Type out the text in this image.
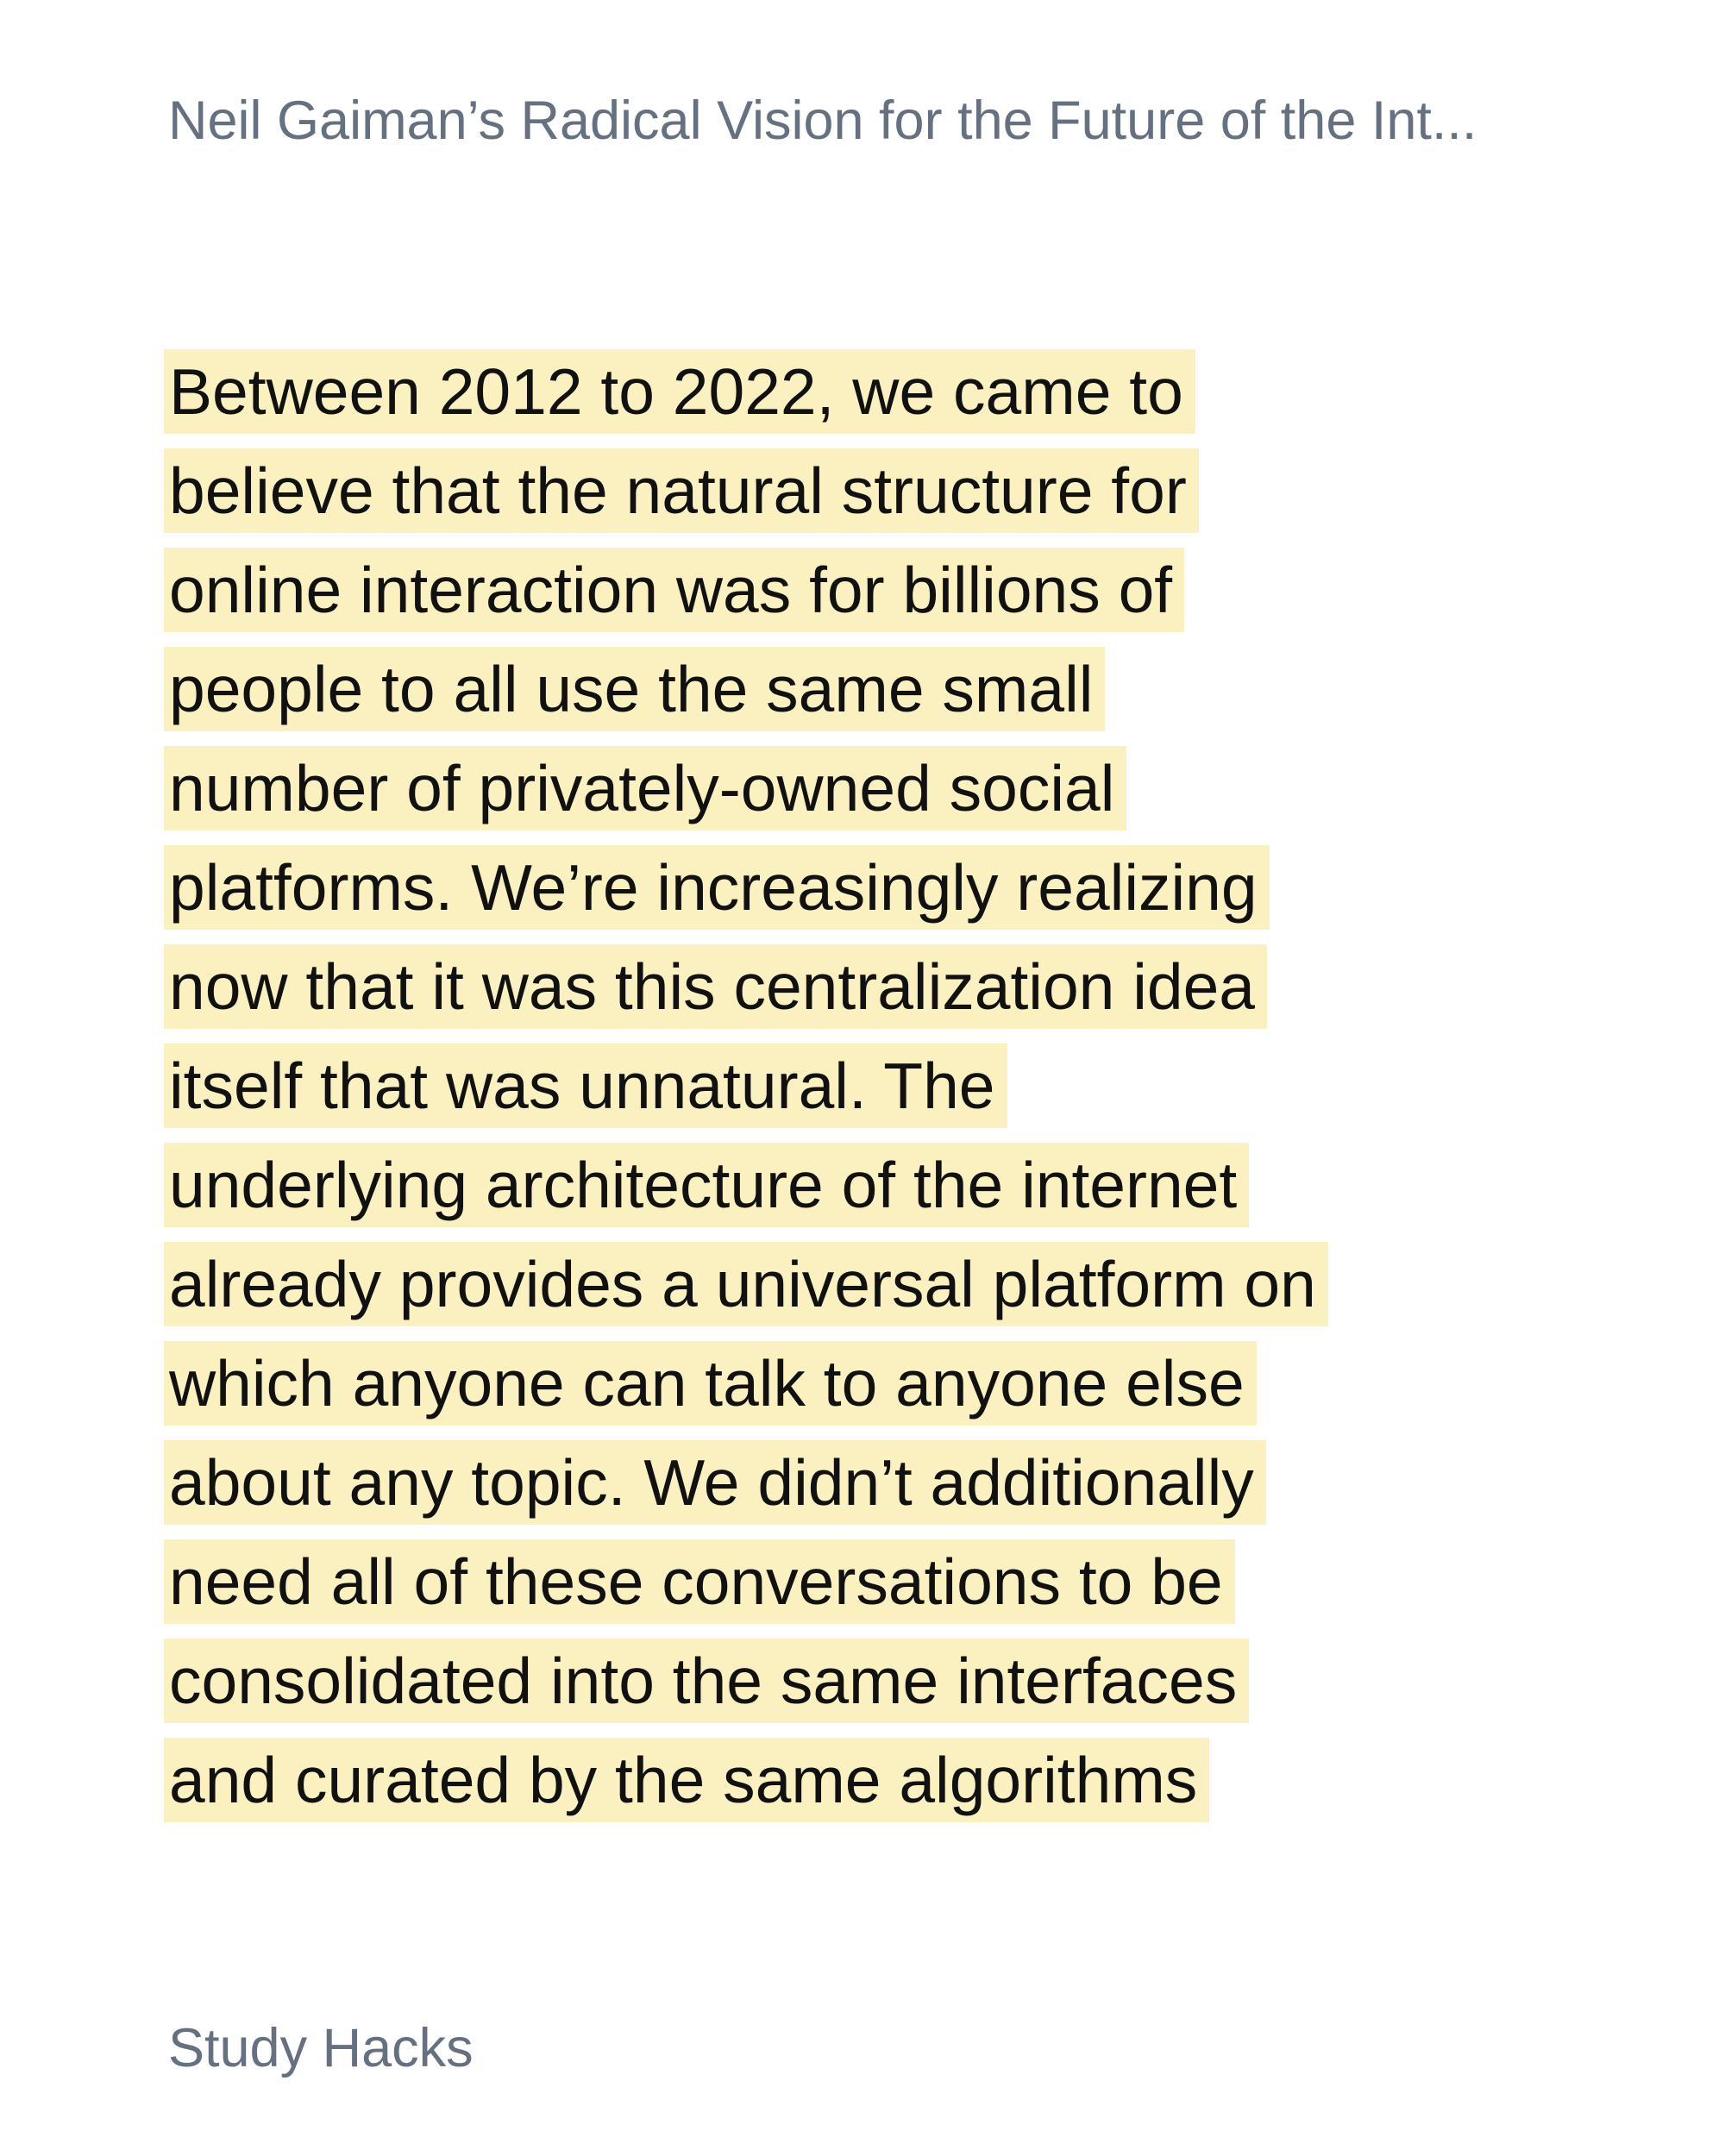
Neil Gaiman’s Radical Vision for the Future of the Int...
Between 2012 to 2022, we came to
believe that the natural structure for
online interaction was for billions of
people to all use the same small
number of privately-owned social
platforms. We’re increasingly realizing
now that it was this centralization idea
itself that was unnatural. The
underlying architecture of the internet
already provides a universal platform on
which anyone can talk to anyone else
about any topic. We didn’t additionally
need all of these conversations to be
consolidated into the same interfaces
and curated by the same algorithms
Study Hacks
